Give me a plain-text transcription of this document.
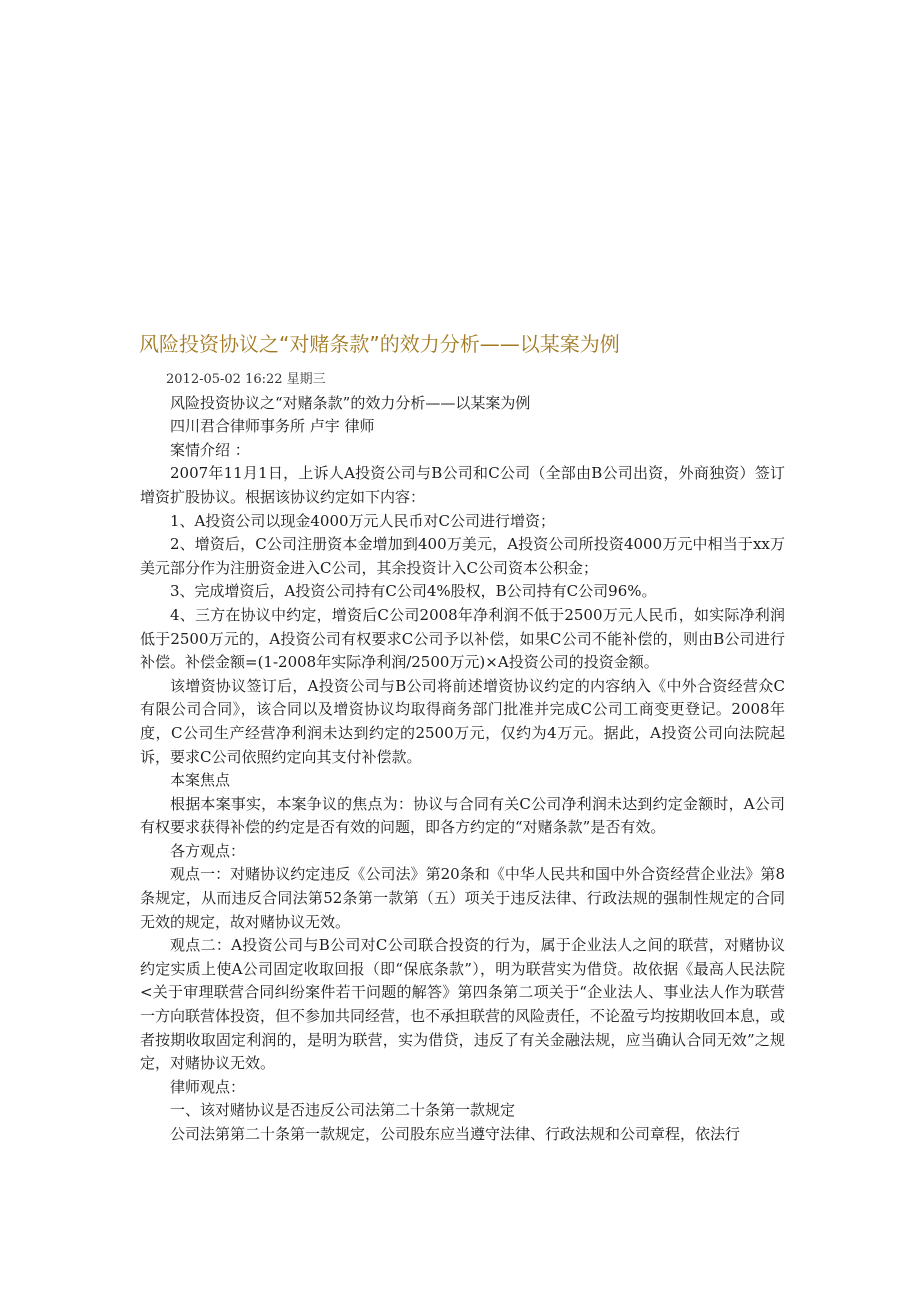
风险投资协议之“对赌条款”的效力分析——以某案为例

2012-05-02 16:22 星期三

风险投资协议之“对赌条款”的效力分析——以某案为例

四川君合律师事务所 卢宇 律师

案情介绍 ：

2007年11月1日，上诉人A投资公司与B公司和C公司（全部由B公司出资，外商独资）签订增资扩股协议。根据该协议约定如下内容：

1、A投资公司以现金4000万元人民币对C公司进行增资；

2、增资后，C公司注册资本金增加到400万美元，A投资公司所投资4000万元中相当于xx万美元部分作为注册资金进入C公司，其余投资计入C公司资本公积金；

3、完成增资后，A投资公司持有C公司4%股权，B公司持有C公司96%。

4、三方在协议中约定，增资后C公司2008年净利润不低于2500万元人民币，如实际净利润低于2500万元的，A投资公司有权要求C公司予以补偿，如果C公司不能补偿的，则由B公司进行补偿。补偿金额=(1-2008年实际净利润/2500万元)×A投资公司的投资金额。

该增资协议签订后，A投资公司与B公司将前述增资协议约定的内容纳入《中外合资经营众C有限公司合同》，该合同以及增资协议均取得商务部门批准并完成C公司工商变更登记。2008年度，C公司生产经营净利润未达到约定的2500万元，仅约为4万元。据此，A投资公司向法院起诉，要求C公司依照约定向其支付补偿款。

本案焦点

根据本案事实，本案争议的焦点为：协议与合同有关C公司净利润未达到约定金额时，A公司有权要求获得补偿的约定是否有效的问题，即各方约定的“对赌条款”是否有效。

各方观点：

观点一：对赌协议约定违反《公司法》第20条和《中华人民共和国中外合资经营企业法》第8条规定，从而违反合同法第52条第一款第（五）项关于违反法律、行政法规的强制性规定的合同无效的规定，故对赌协议无效。

观点二：A投资公司与B公司对C公司联合投资的行为，属于企业法人之间的联营，对赌协议约定实质上使A公司固定收取回报（即“保底条款”），明为联营实为借贷。故依据《最高人民法院<关于审理联营合同纠纷案件若干问题的解答》第四条第二项关于“企业法人、事业法人作为联营一方向联营体投资，但不参加共同经营，也不承担联营的风险责任，不论盈亏均按期收回本息，或者按期收取固定利润的，是明为联营，实为借贷，违反了有关金融法规，应当确认合同无效”之规定，对赌协议无效。

律师观点：

一、该对赌协议是否违反公司法第二十条第一款规定

公司法第第二十条第一款规定，公司股东应当遵守法律、行政法规和公司章程，依法行
